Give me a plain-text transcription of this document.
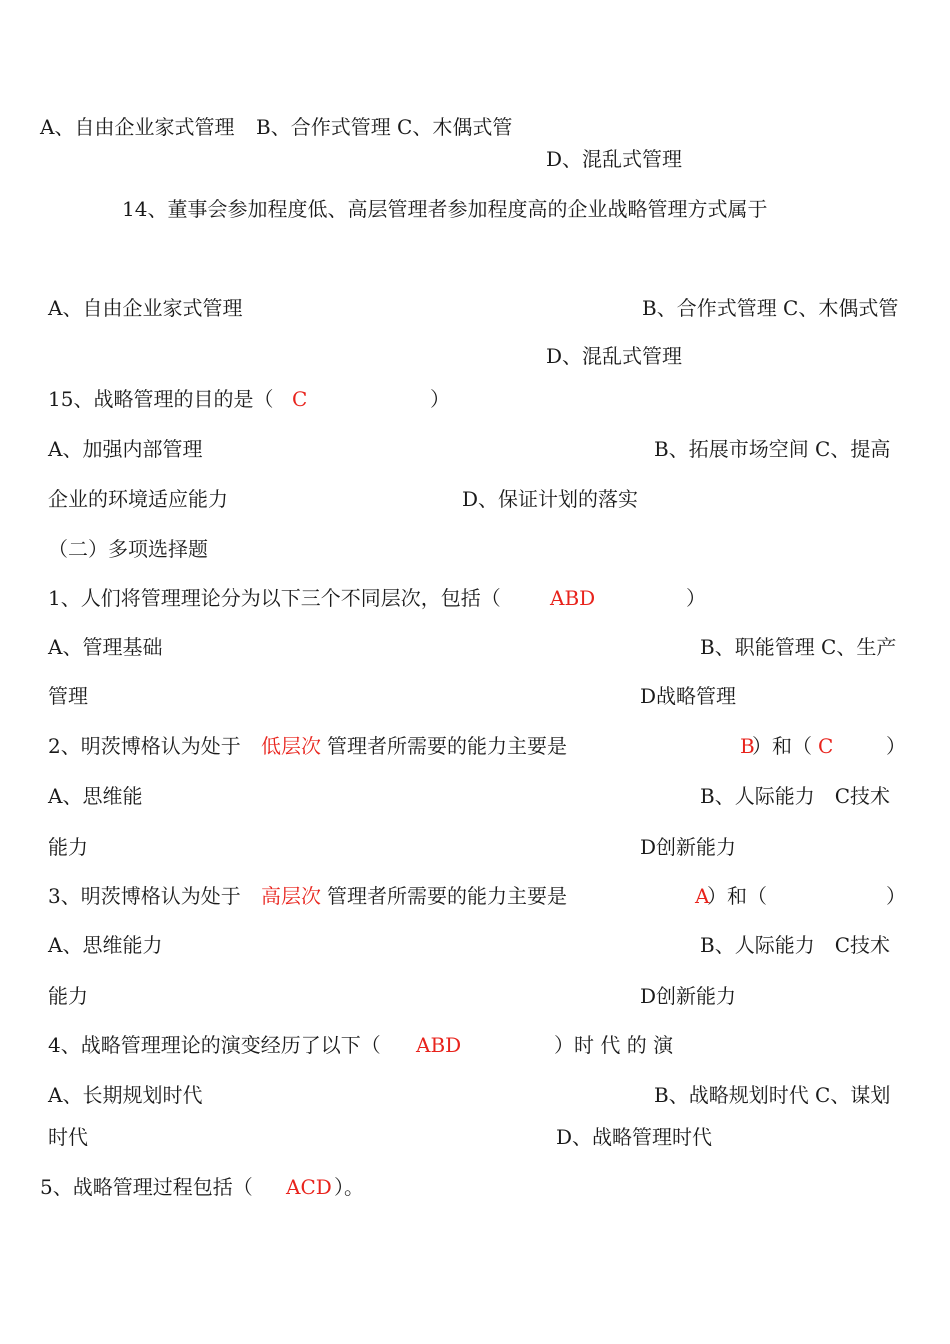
A、自由企业家式管理 B、合作式管理 C、木偶式管
D、混乱式管理
14、董事会参加程度低、高层管理者参加程度高的企业战略管理方式属于
A、自由企业家式管理	B、合作式管理 C、木偶式管
D、混乱式管理
15、战略管理的目的是（ C	）
A、加强内部管理	B、拓展市场空间 C、提高
企业的环境适应能力	D、保证计划的落实
（二）多项选择题
1、人们将管理理论分为以下三个不同层次，包括（ ABD	）
A、管理基础	B、职能管理 C、生产
管理	D战略管理
2、明茨博格认为处于 低层次 管理者所需要的能力主要是	B
）和（ C	）
A、思维能	B、人际能力　C技术
能力	D创新能力
3、明茨博格认为处于 高层次 管理者所需要的能力主要是	A
）和（	）
A、思维能力	B、人际能力　C技术
能力	D创新能力
4、战略管理理论的演变经历了以下（ ABD	）时 代 的 演
A、长期规划时代	B、战略规划时代 C、谋划
时代	D、战略管理时代
5、战略管理过程包括（ ACD ）。
